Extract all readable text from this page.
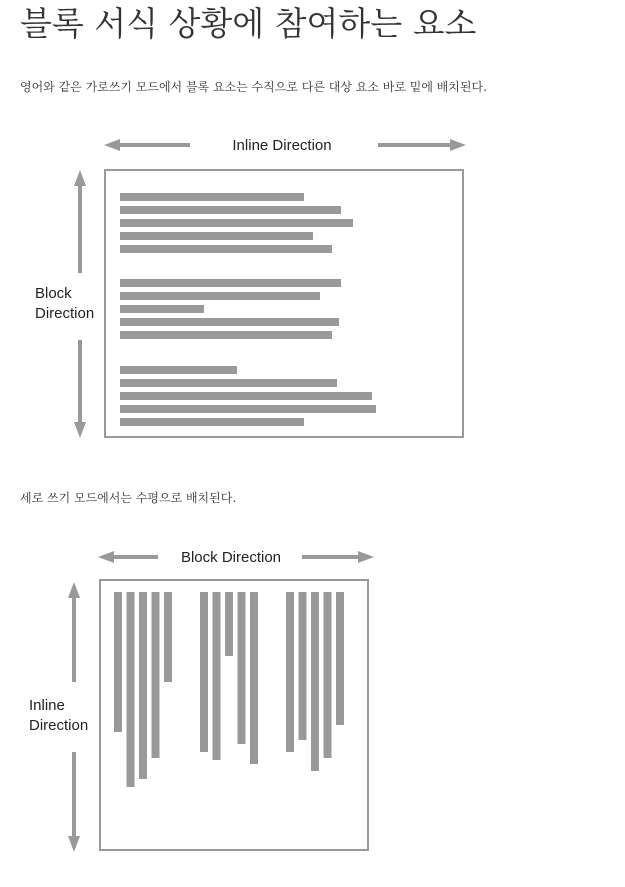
블록 서식 상황에 참여하는 요소

영어와 같은 가로쓰기 모드에서 블록 요소는 수직으로 다른 대상 요소 바로 밑에 배치된다.

Inline Direction
Block
Direction

세로 쓰기 모드에서는 수평으로 배치된다.

Block Direction
Inline
Direction
